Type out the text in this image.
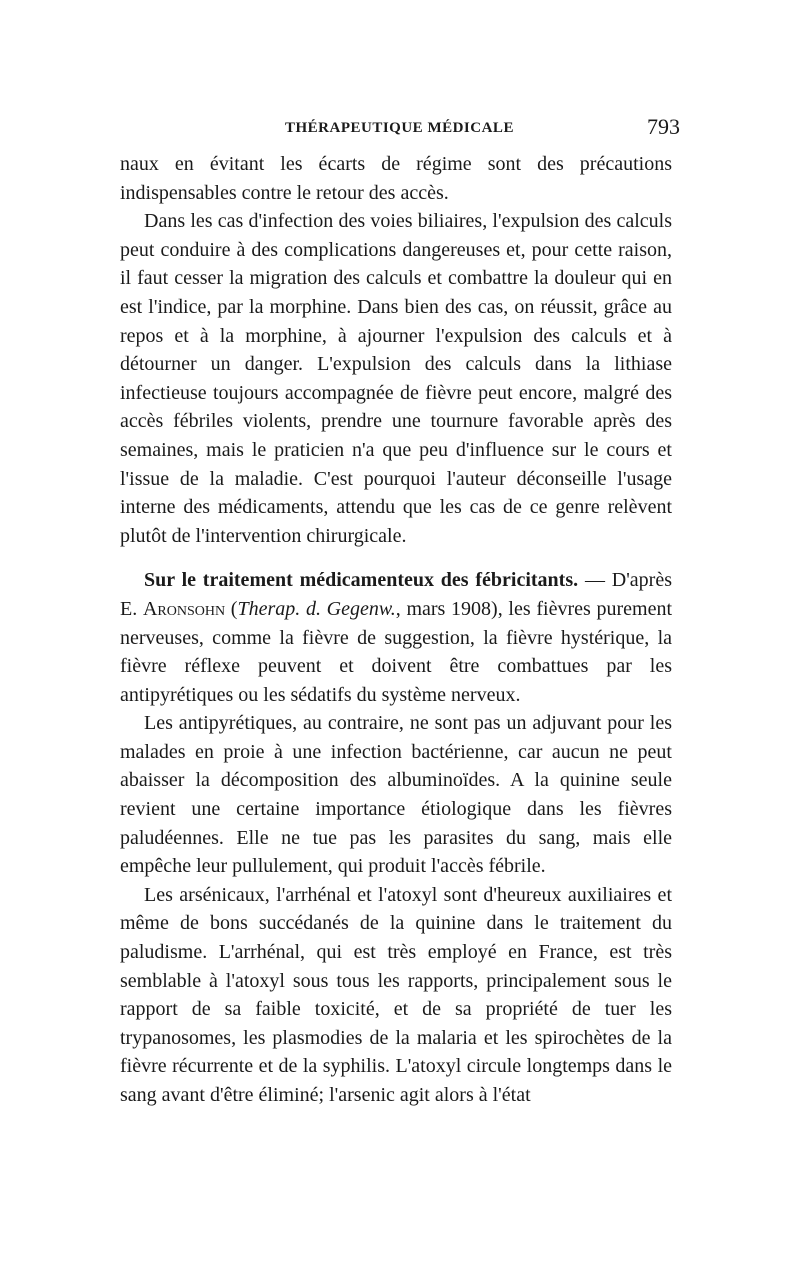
THÉRAPEUTIQUE MÉDICALE	793

naux en évitant les écarts de régime sont des précautions indispensables contre le retour des accès.

Dans les cas d'infection des voies biliaires, l'expulsion des calculs peut conduire à des complications dangereuses et, pour cette raison, il faut cesser la migration des calculs et combattre la douleur qui en est l'indice, par la morphine. Dans bien des cas, on réussit, grâce au repos et à la morphine, à ajourner l'expulsion des calculs et à détourner un danger. L'expulsion des calculs dans la lithiase infectieuse toujours accompagnée de fièvre peut encore, malgré des accès fébriles violents, prendre une tournure favorable après des semaines, mais le praticien n'a que peu d'influence sur le cours et l'issue de la maladie. C'est pourquoi l'auteur déconseille l'usage interne des médicaments, attendu que les cas de ce genre relèvent plutôt de l'intervention chirurgicale.

Sur le traitement médicamenteux des fébricitants. — D'après E. Aronsohn (Therap. d. Gegenw., mars 1908), les fièvres purement nerveuses, comme la fièvre de suggestion, la fièvre hystérique, la fièvre réflexe peuvent et doivent être combattues par les antipyrétiques ou les sédatifs du système nerveux.

Les antipyrétiques, au contraire, ne sont pas un adjuvant pour les malades en proie à une infection bactérienne, car aucun ne peut abaisser la décomposition des albuminoïdes. A la quinine seule revient une certaine importance étiologique dans les fièvres paludéennes. Elle ne tue pas les parasites du sang, mais elle empêche leur pullulement, qui produit l'accès fébrile.

Les arsénicaux, l'arrhénal et l'atoxyl sont d'heureux auxiliaires et même de bons succédanés de la quinine dans le traitement du paludisme. L'arrhénal, qui est très employé en France, est très semblable à l'atoxyl sous tous les rapports, principalement sous le rapport de sa faible toxicité, et de sa propriété de tuer les trypanosomes, les plasmodies de la malaria et les spirochètes de la fièvre récurrente et de la syphilis. L'atoxyl circule longtemps dans le sang avant d'être éliminé; l'arsenic agit alors à l'état
